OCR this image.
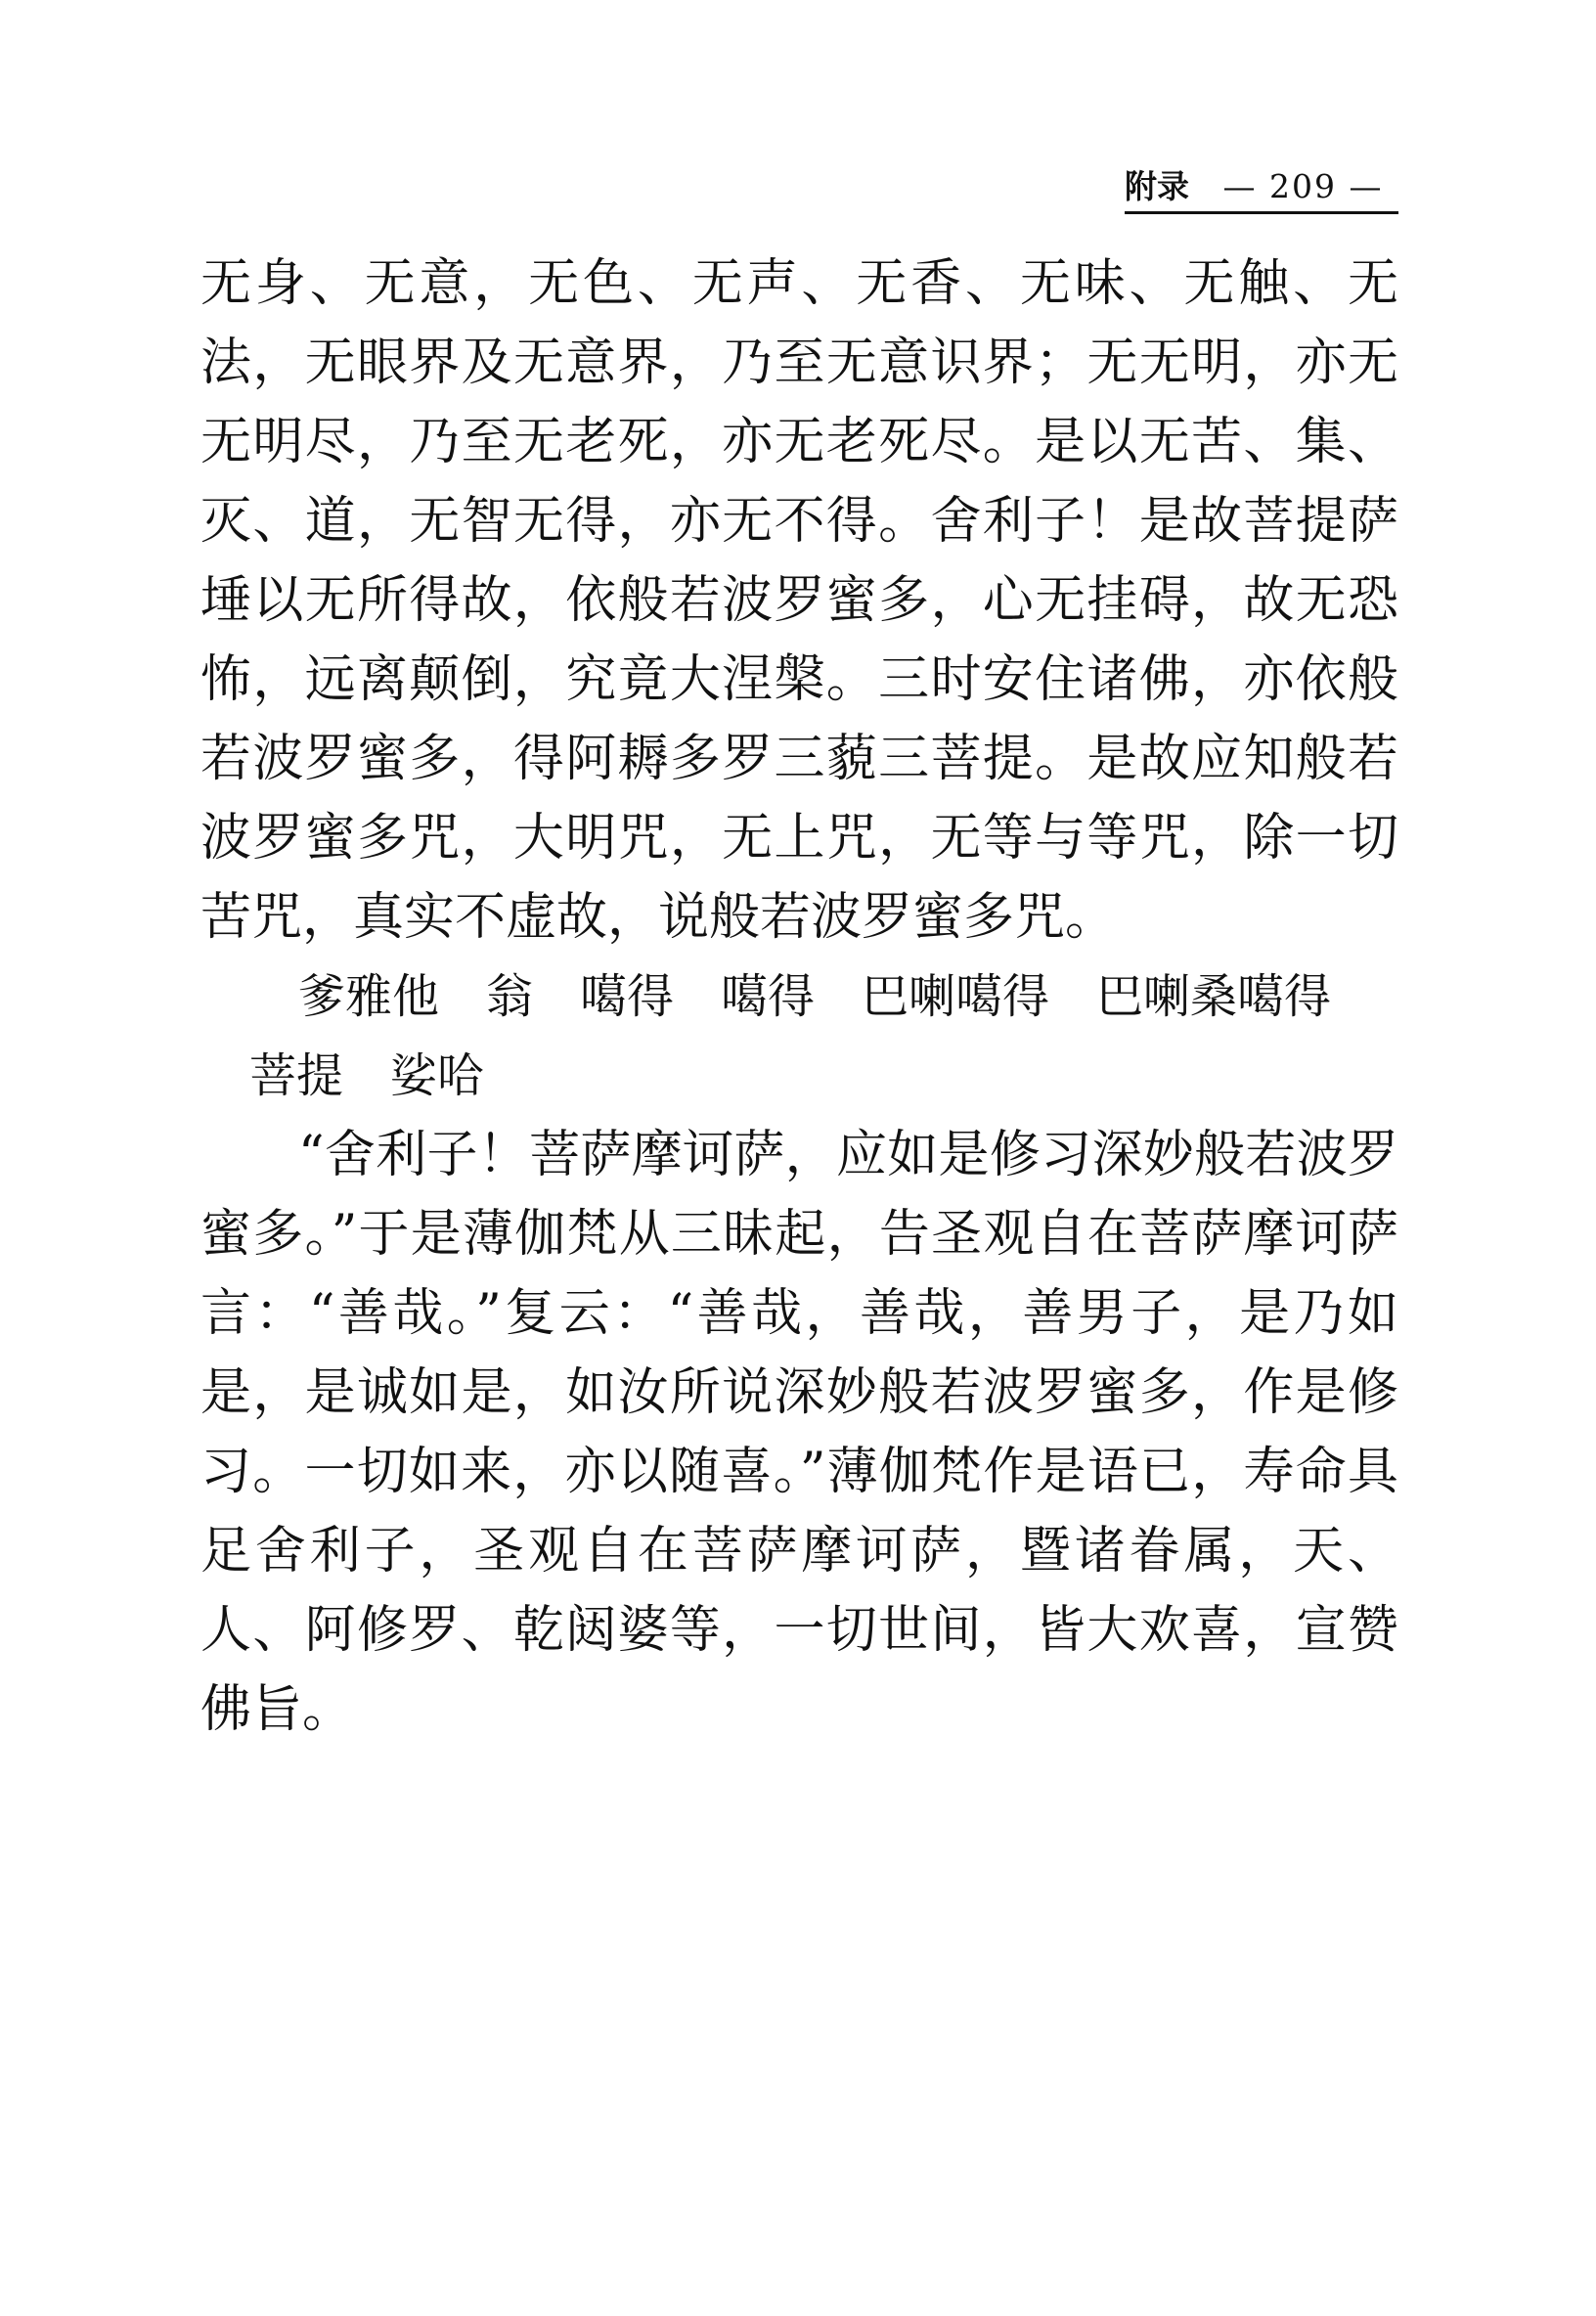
附录 — 209 —

无身、无意，无色、无声、无香、无味、无触、无法，无眼界及无意界，乃至无意识界；无无明，亦无无明尽，乃至无老死，亦无老死尽。是以无苦、集、灭、道，无智无得，亦无不得。舍利子！是故菩提萨埵以无所得故，依般若波罗蜜多，心无挂碍，故无恐怖，远离颠倒，究竟大涅槃。三时安住诸佛，亦依般若波罗蜜多，得阿耨多罗三藐三菩提。是故应知般若波罗蜜多咒，大明咒，无上咒，无等与等咒，除一切苦咒，真实不虚故，说般若波罗蜜多咒。

爹雅他　翁　噶得　噶得　巴喇噶得　巴喇桑噶得

菩提　娑哈

“舍利子！菩萨摩诃萨，应如是修习深妙般若波罗蜜多。”于是薄伽梵从三昧起，告圣观自在菩萨摩诃萨言：“善哉。”复云：“善哉，善哉，善男子，是乃如是，是诚如是，如汝所说深妙般若波罗蜜多，作是修习。一切如来，亦以随喜。”薄伽梵作是语已，寿命具足舍利子，圣观自在菩萨摩诃萨，暨诸眷属，天、人、阿修罗、乾闼婆等，一切世间，皆大欢喜，宣赞佛旨。
